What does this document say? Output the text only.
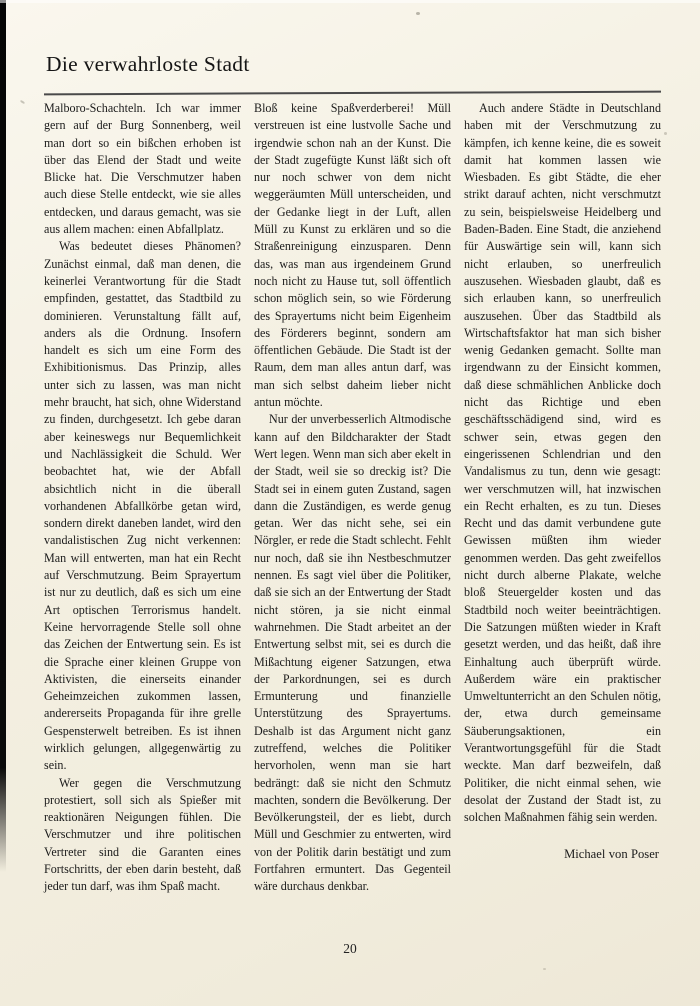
Die verwahrloste Stadt

Malboro-Schachteln. Ich war immer gern auf der Burg Sonnenberg, weil man dort so ein bißchen erhoben ist über das Elend der Stadt und weite Blicke hat. Die Verschmutzer haben auch diese Stelle entdeckt, wie sie alles entdecken, und daraus gemacht, was sie aus allem machen: einen Abfallplatz.

Was bedeutet dieses Phänomen? Zunächst einmal, daß man denen, die keinerlei Verantwortung für die Stadt empfinden, gestattet, das Stadtbild zu dominieren. Verunstaltung fällt auf, anders als die Ordnung. Insofern handelt es sich um eine Form des Exhibitionismus. Das Prinzip, alles unter sich zu lassen, was man nicht mehr braucht, hat sich, ohne Widerstand zu finden, durchgesetzt. Ich gebe daran aber keineswegs nur Bequemlichkeit und Nachlässigkeit die Schuld. Wer beobachtet hat, wie der Abfall absichtlich nicht in die überall vorhandenen Abfallkörbe getan wird, sondern direkt daneben landet, wird den vandalistischen Zug nicht verkennen: Man will entwerten, man hat ein Recht auf Verschmutzung. Beim Sprayertum ist nur zu deutlich, daß es sich um eine Art optischen Terrorismus handelt. Keine hervorragende Stelle soll ohne das Zeichen der Entwertung sein. Es ist die Sprache einer kleinen Gruppe von Aktivisten, die einerseits einander Geheimzeichen zukommen lassen, andererseits Propaganda für ihre grelle Gespensterwelt betreiben. Es ist ihnen wirklich gelungen, allgegenwärtig zu sein.

Wer gegen die Verschmutzung protestiert, soll sich als Spießer mit reaktionären Neigungen fühlen. Die Verschmutzer und ihre politischen Vertreter sind die Garanten eines Fortschritts, der eben darin besteht, daß jeder tun darf, was ihm Spaß macht.

Bloß keine Spaßverderberei! Müll verstreuen ist eine lustvolle Sache und irgendwie schon nah an der Kunst. Die der Stadt zugefügte Kunst läßt sich oft nur noch schwer von dem nicht weggeräumten Müll unterscheiden, und der Gedanke liegt in der Luft, allen Müll zu Kunst zu erklären und so die Straßenreinigung einzusparen. Denn das, was man aus irgendeinem Grund noch nicht zu Hause tut, soll öffentlich schon möglich sein, so wie Förderung des Sprayertums nicht beim Eigenheim des Förderers beginnt, sondern am öffentlichen Gebäude. Die Stadt ist der Raum, dem man alles antun darf, was man sich selbst daheim lieber nicht antun möchte.

Nur der unverbesserlich Altmodische kann auf den Bildcharakter der Stadt Wert legen. Wenn man sich aber ekelt in der Stadt, weil sie so dreckig ist? Die Stadt sei in einem guten Zustand, sagen dann die Zuständigen, es werde genug getan. Wer das nicht sehe, sei ein Nörgler, er rede die Stadt schlecht. Fehlt nur noch, daß sie ihn Nestbeschmutzer nennen. Es sagt viel über die Politiker, daß sie sich an der Entwertung der Stadt nicht stören, ja sie nicht einmal wahrnehmen. Die Stadt arbeitet an der Entwertung selbst mit, sei es durch die Mißachtung eigener Satzungen, etwa der Parkordnungen, sei es durch Ermunterung und finanzielle Unterstützung des Sprayertums. Deshalb ist das Argument nicht ganz zutreffend, welches die Politiker hervorholen, wenn man sie hart bedrängt: daß sie nicht den Schmutz machten, sondern die Bevölkerung. Der Bevölkerungsteil, der es liebt, durch Müll und Geschmier zu entwerten, wird von der Politik darin bestätigt und zum Fortfahren ermuntert. Das Gegenteil wäre durchaus denkbar.

Auch andere Städte in Deutschland haben mit der Verschmutzung zu kämpfen, ich kenne keine, die es soweit damit hat kommen lassen wie Wiesbaden. Es gibt Städte, die eher strikt darauf achten, nicht verschmutzt zu sein, beispielsweise Heidelberg und Baden-Baden. Eine Stadt, die anziehend für Auswärtige sein will, kann sich nicht erlauben, so unerfreulich auszusehen. Wiesbaden glaubt, daß es sich erlauben kann, so unerfreulich auszusehen. Über das Stadtbild als Wirtschaftsfaktor hat man sich bisher wenig Gedanken gemacht. Sollte man irgendwann zu der Einsicht kommen, daß diese schmählichen Anblicke doch nicht das Richtige und eben geschäftsschädigend sind, wird es schwer sein, etwas gegen den eingerissenen Schlendrian und den Vandalismus zu tun, denn wie gesagt: wer verschmutzen will, hat inzwischen ein Recht erhalten, es zu tun. Dieses Recht und das damit verbundene gute Gewissen müßten ihm wieder genommen werden. Das geht zweifellos nicht durch alberne Plakate, welche bloß Steuergelder kosten und das Stadtbild noch weiter beeinträchtigen. Die Satzungen müßten wieder in Kraft gesetzt werden, und das heißt, daß ihre Einhaltung auch überprüft würde. Außerdem wäre ein praktischer Umweltunterricht an den Schulen nötig, der, etwa durch gemeinsame Säuberungsaktionen, ein Verantwortungsgefühl für die Stadt weckte. Man darf bezweifeln, daß Politiker, die nicht einmal sehen, wie desolat der Zustand der Stadt ist, zu solchen Maßnahmen fähig sein werden.

Michael von Poser
20
